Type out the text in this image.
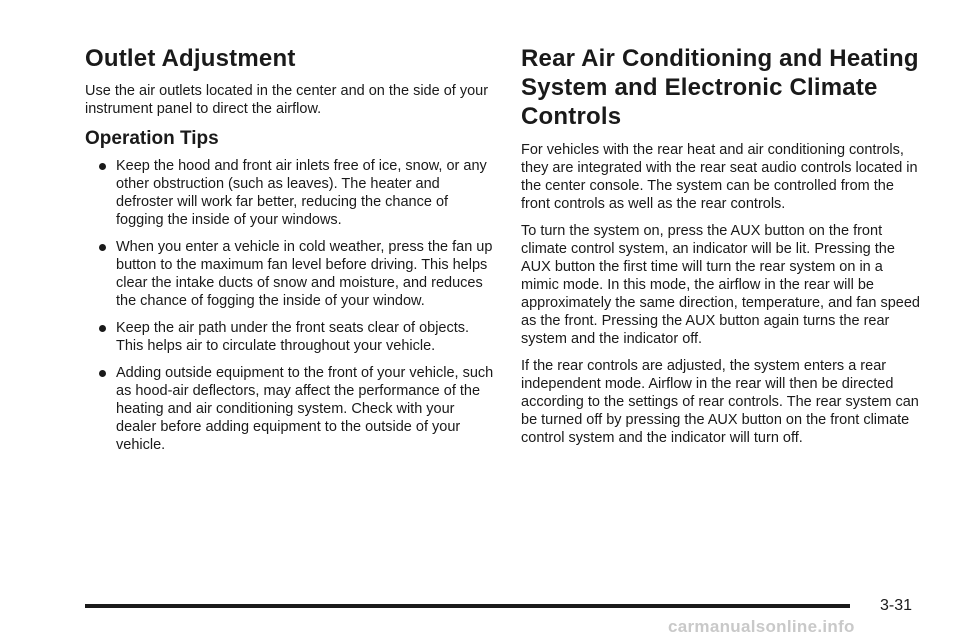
Outlet Adjustment

Use the air outlets located in the center and on the side of your instrument panel to direct the airflow.

Operation Tips
Keep the hood and front air inlets free of ice, snow, or any other obstruction (such as leaves). The heater and defroster will work far better, reducing the chance of fogging the inside of your windows.
When you enter a vehicle in cold weather, press the fan up button to the maximum fan level before driving. This helps clear the intake ducts of snow and moisture, and reduces the chance of fogging the inside of your window.
Keep the air path under the front seats clear of objects. This helps air to circulate throughout your vehicle.
Adding outside equipment to the front of your vehicle, such as hood-air deflectors, may affect the performance of the heating and air conditioning system. Check with your dealer before adding equipment to the outside of your vehicle.
Rear Air Conditioning and Heating System and Electronic Climate Controls

For vehicles with the rear heat and air conditioning controls, they are integrated with the rear seat audio controls located in the center console. The system can be controlled from the front controls as well as the rear controls.

To turn the system on, press the AUX button on the front climate control system, an indicator will be lit. Pressing the AUX button the first time will turn the rear system on in a mimic mode. In this mode, the airflow in the rear will be approximately the same direction, temperature, and fan speed as the front. Pressing the AUX button again turns the rear system and the indicator off.

If the rear controls are adjusted, the system enters a rear independent mode. Airflow in the rear will then be directed according to the settings of rear controls. The rear system can be turned off by pressing the AUX button on the front climate control system and the indicator will turn off.

3-31
carmanualsonline.info
